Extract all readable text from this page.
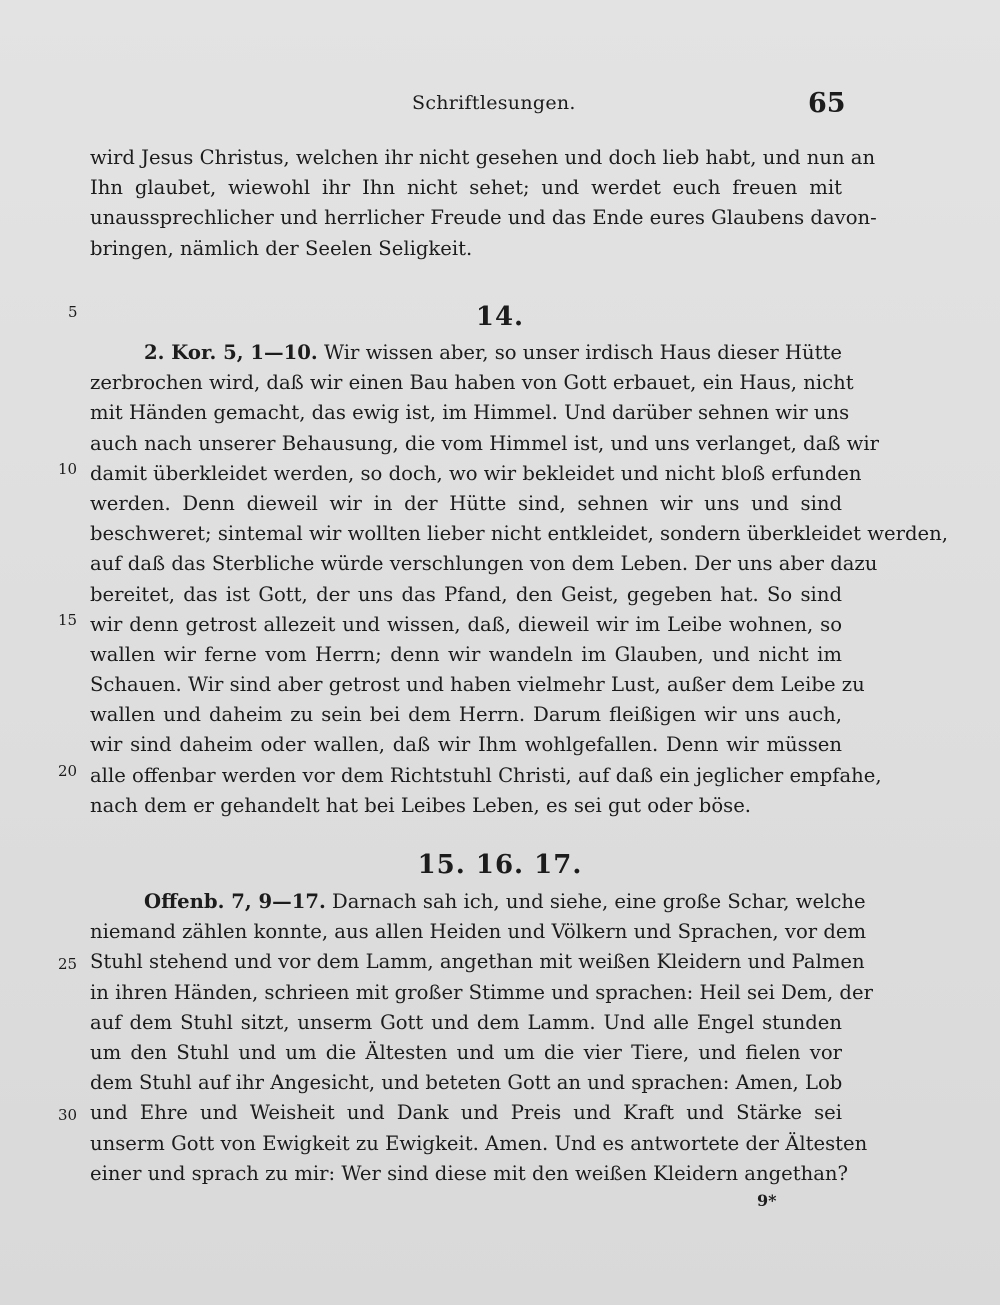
Schriftlesungen.	65
5
10
15
20
25
30
wird Jesus Christus, welchen ihr nicht gesehen und doch lieb habt, und nun an
Ihn glaubet, wiewohl ihr Ihn nicht sehet; und werdet euch freuen mit
unaussprechlicher und herrlicher Freude und das Ende eures Glaubens davon-
bringen, nämlich der Seelen Seligkeit.
14.
2. Kor. 5, 1—10. Wir wissen aber, so unser irdisch Haus dieser Hütte
zerbrochen wird, daß wir einen Bau haben von Gott erbauet, ein Haus, nicht
mit Händen gemacht, das ewig ist, im Himmel. Und darüber sehnen wir uns
auch nach unserer Behausung, die vom Himmel ist, und uns verlanget, daß wir
damit überkleidet werden, so doch, wo wir bekleidet und nicht bloß erfunden
werden. Denn dieweil wir in der Hütte sind, sehnen wir uns und sind
beschweret; sintemal wir wollten lieber nicht entkleidet, sondern überkleidet werden,
auf daß das Sterbliche würde verschlungen von dem Leben. Der uns aber dazu
bereitet, das ist Gott, der uns das Pfand, den Geist, gegeben hat. So sind
wir denn getrost allezeit und wissen, daß, dieweil wir im Leibe wohnen, so
wallen wir ferne vom Herrn; denn wir wandeln im Glauben, und nicht im
Schauen. Wir sind aber getrost und haben vielmehr Lust, außer dem Leibe zu
wallen und daheim zu sein bei dem Herrn. Darum fleißigen wir uns auch,
wir sind daheim oder wallen, daß wir Ihm wohlgefallen. Denn wir müssen
alle offenbar werden vor dem Richtstuhl Christi, auf daß ein jeglicher empfahe,
nach dem er gehandelt hat bei Leibes Leben, es sei gut oder böse.
15. 16. 17.
Offenb. 7, 9—17. Darnach sah ich, und siehe, eine große Schar, welche
niemand zählen konnte, aus allen Heiden und Völkern und Sprachen, vor dem
Stuhl stehend und vor dem Lamm, angethan mit weißen Kleidern und Palmen
in ihren Händen, schrieen mit großer Stimme und sprachen: Heil sei Dem, der
auf dem Stuhl sitzt, unserm Gott und dem Lamm. Und alle Engel stunden
um den Stuhl und um die Ältesten und um die vier Tiere, und fielen vor
dem Stuhl auf ihr Angesicht, und beteten Gott an und sprachen: Amen, Lob
und Ehre und Weisheit und Dank und Preis und Kraft und Stärke sei
unserm Gott von Ewigkeit zu Ewigkeit. Amen. Und es antwortete der Ältesten
einer und sprach zu mir: Wer sind diese mit den weißen Kleidern angethan?
9*
